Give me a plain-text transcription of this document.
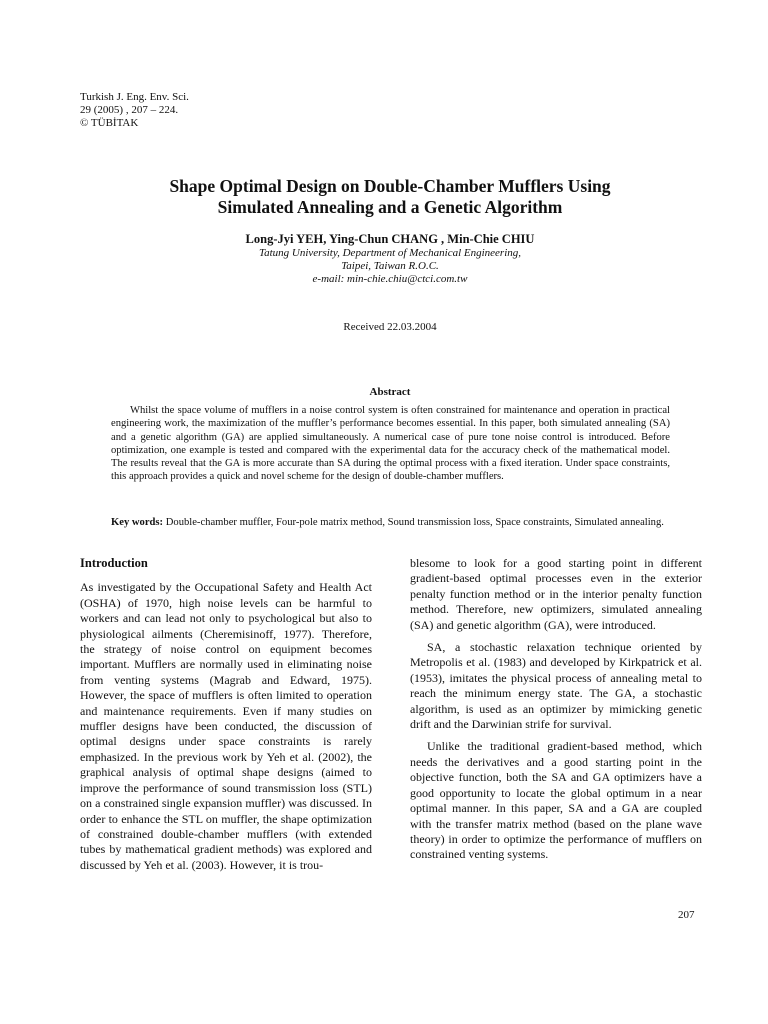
Turkish J. Eng. Env. Sci.
29 (2005) , 207 – 224.
© TÜBİTAK
Shape Optimal Design on Double-Chamber Mufflers Using
Simulated Annealing and a Genetic Algorithm
Long-Jyi YEH, Ying-Chun CHANG , Min-Chie CHIU
Tatung University, Department of Mechanical Engineering,
Taipei, Taiwan R.O.C.
e-mail: min-chie.chiu@ctci.com.tw
Received 22.03.2004
Abstract
Whilst the space volume of mufflers in a noise control system is often constrained for maintenance and operation in practical engineering work, the maximization of the muffler’s performance becomes essential. In this paper, both simulated annealing (SA) and a genetic algorithm (GA) are applied simultaneously. A numerical case of pure tone noise control is introduced. Before optimization, one example is tested and compared with the experimental data for the accuracy check of the mathematical model. The results reveal that the GA is more accurate than SA during the optimal process with a fixed iteration. Under space constraints, this approach provides a quick and novel scheme for the design of double-chamber mufflers.
Key words: Double-chamber muffler, Four-pole matrix method, Sound transmission loss, Space constraints, Simulated annealing.
Introduction

As investigated by the Occupational Safety and Health Act (OSHA) of 1970, high noise levels can be harmful to workers and can lead not only to psychological but also to physiological ailments (Cheremisinoff, 1977). Therefore, the strategy of noise control on equipment becomes important. Mufflers are normally used in eliminating noise from venting systems (Magrab and Edward, 1975). However, the space of mufflers is often limited to operation and maintenance requirements. Even if many studies on muffler designs have been conducted, the discussion of optimal designs under space constraints is rarely emphasized. In the previous work by Yeh et al. (2002), the graphical analysis of optimal shape designs (aimed to improve the performance of sound transmission loss (STL) on a constrained single expansion muffler) was discussed. In order to enhance the STL on muffler, the shape optimization of constrained double-chamber mufflers (with extended tubes by mathematical gradient methods) was explored and discussed by Yeh et al. (2003). However, it is trou-

blesome to look for a good starting point in different gradient-based optimal processes even in the exterior penalty function method or in the interior penalty function method. Therefore, new optimizers, simulated annealing (SA) and genetic algorithm (GA), were introduced.

SA, a stochastic relaxation technique oriented by Metropolis et al. (1983) and developed by Kirkpatrick et al. (1953), imitates the physical process of annealing metal to reach the minimum energy state. The GA, a stochastic algorithm, is used as an optimizer by mimicking genetic drift and the Darwinian strife for survival.

Unlike the traditional gradient-based method, which needs the derivatives and a good starting point in the objective function, both the SA and GA optimizers have a good opportunity to locate the global optimum in a near optimal manner. In this paper, SA and a GA are coupled with the transfer matrix method (based on the plane wave theory) in order to optimize the performance of mufflers on constrained venting systems.

207
